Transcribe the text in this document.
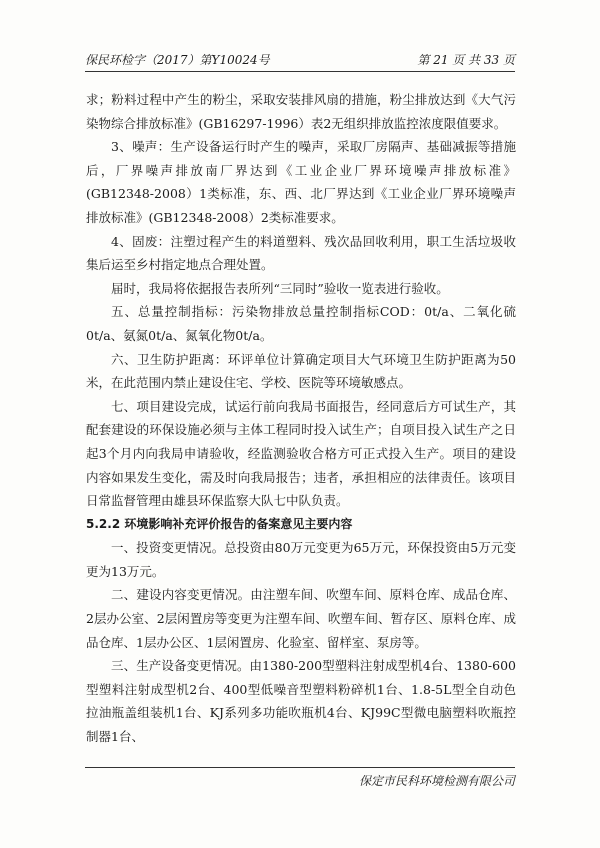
保民环检字（2017）第Y10024号	第 21 页 共 33 页

求；粉料过程中产生的粉尘，采取安装排风扇的措施，粉尘排放达到《大气污染物综合排放标准》(GB16297-1996）表2无组织排放监控浓度限值要求。

3、噪声：生产设备运行时产生的噪声，采取厂房隔声、基础减振等措施后，厂界噪声排放南厂界达到《工业企业厂界环境噪声排放标准》(GB12348-2008）1类标准，东、西、北厂界达到《工业企业厂界环境噪声排放标准》(GB12348-2008）2类标准要求。

4、固废：注塑过程产生的料道塑料、残次品回收利用，职工生活垃圾收集后运至乡村指定地点合理处置。

届时，我局将依据报告表所列“三同时”验收一览表进行验收。

五、总量控制指标：污染物排放总量控制指标COD：0t/a、二氧化硫0t/a、氨氮0t/a、氮氧化物0t/a。

六、卫生防护距离：环评单位计算确定项目大气环境卫生防护距离为50米，在此范围内禁止建设住宅、学校、医院等环境敏感点。

七、项目建设完成，试运行前向我局书面报告，经同意后方可试生产，其配套建设的环保设施必须与主体工程同时投入试生产；自项目投入试生产之日起3个月内向我局申请验收，经监测验收合格方可正式投入生产。项目的建设内容如果发生变化，需及时向我局报告；违者，承担相应的法律责任。该项目日常监督管理由雄县环保监察大队七中队负责。

5.2.2 环境影响补充评价报告的备案意见主要内容

一、投资变更情况。总投资由80万元变更为65万元，环保投资由5万元变更为13万元。

二、建设内容变更情况。由注塑车间、吹塑车间、原料仓库、成品仓库、2层办公室、2层闲置房等变更为注塑车间、吹塑车间、暂存区、原料仓库、成品仓库、1层办公区、1层闲置房、化验室、留样室、泵房等。

三、生产设备变更情况。由1380-200型塑料注射成型机4台、1380-600型塑料注射成型机2台、400型低噪音型塑料粉碎机1台、1.8-5L型全自动色拉油瓶盖组装机1台、KJ系列多功能吹瓶机4台、KJ99C型微电脑塑料吹瓶控制器1台、

保定市民科环境检测有限公司
